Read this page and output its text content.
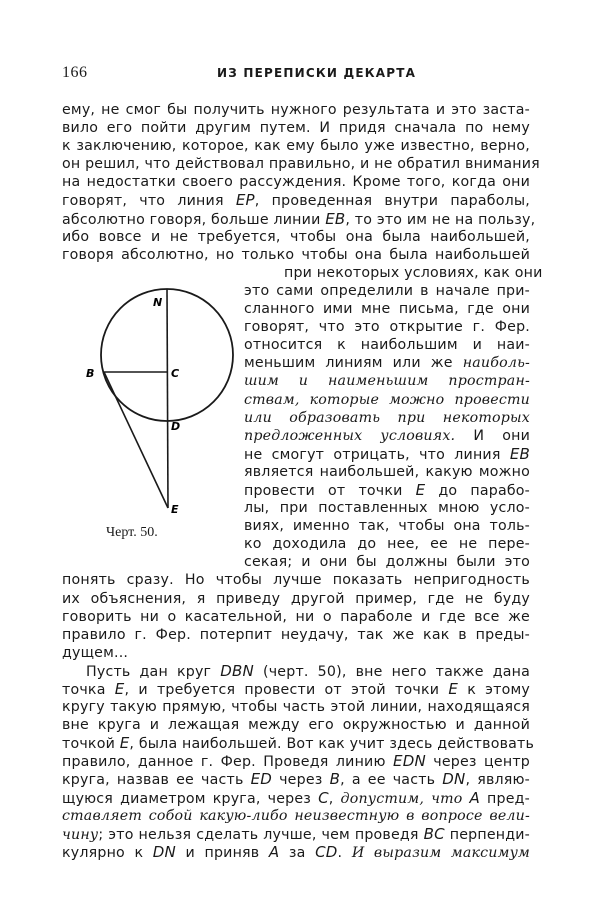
166	ИЗ ПЕРЕПИСКИ ДЕКАРТА
N
B	C
D
E
Черт. 50.
ему, не смог бы получить нужного результата и это заста-
вило его пойти другим путем. И придя сначала по нему
к заключению, которое, как ему было уже известно, верно,
он решил, что действовал правильно, и не обратил внимания
на недостатки своего рассуждения. Кроме того, когда они
говорят, что линия EP, проведенная внутри параболы,
абсолютно говоря, больше линии EB, то это им не на пользу,
ибо вовсе и не требуется, чтобы она была наибольшей,
говоря абсолютно, но только чтобы она была наибольшей
при некоторых условиях, как они
это сами определили в начале при-
сланного ими мне письма, где они
говорят, что это открытие г. Фер.
относится к наибольшим и наи-
меньшим линиям или же наиболь-
шим и наименьшим простран-
ствам, которые можно провести
или образовать при некоторых
предложенных условиях. И они
не смогут отрицать, что линия EB
является наибольшей, какую можно
провести от точки E до парабо-
лы, при поставленных мною усло-
виях, именно так, чтобы она толь-
ко доходила до нее, ее не пере-
секая; и они бы должны были это
понять сразу. Но чтобы лучше показать непригодность
их объяснения, я приведу другой пример, где не буду
говорить ни о касательной, ни о параболе и где все же
правило г. Фер. потерпит неудачу, так же как в преды-
дущем...
Пусть дан круг DBN (черт. 50), вне него также дана
точка E, и требуется провести от этой точки E к этому
кругу такую прямую, чтобы часть этой линии, находящаяся
вне круга и лежащая между его окружностью и данной
точкой E, была наибольшей. Вот как учит здесь действовать
правило, данное г. Фер. Проведя линию EDN через центр
круга, назвав ее часть ED через B, а ее часть DN, являю-
щуюся диаметром круга, через C, допустим, что A пред-
ставляет собой какую-либо неизвестную в вопросе вели-
чину; это нельзя сделать лучше, чем проведя BC перпенди-
кулярно к DN и приняв A за CD. И выразим максимум
